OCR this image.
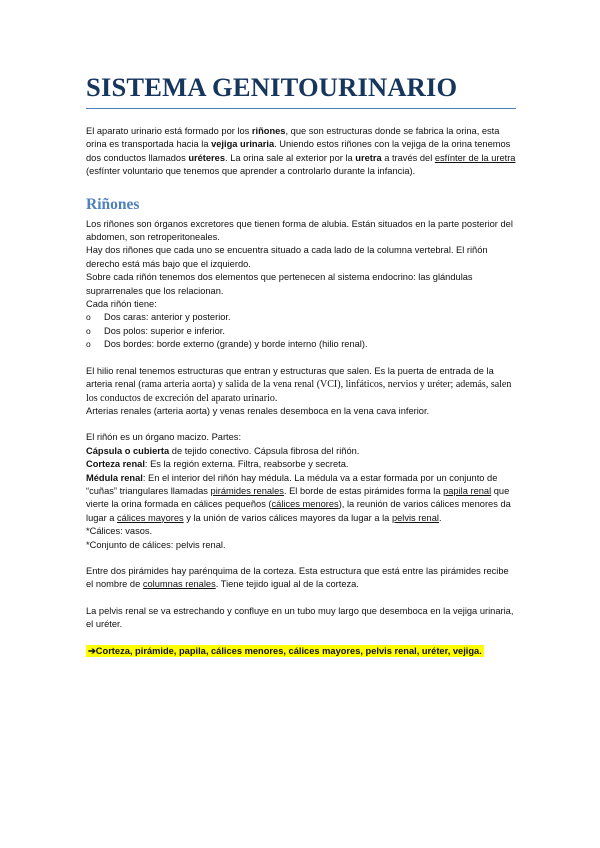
SISTEMA GENITOURINARIO

El aparato urinario está formado por los riñones, que son estructuras donde se fabrica la orina, esta orina es transportada hacia la vejiga urinaria. Uniendo estos riñones con la vejiga de la orina tenemos dos conductos llamados uréteres. La orina sale al exterior por la uretra a través del esfínter de la uretra (esfínter voluntario que tenemos que aprender a controlarlo durante la infancia).

Riñones

Los riñones son órganos excretores que tienen forma de alubia. Están situados en la parte posterior del abdomen, son retroperitoneales.

Hay dos riñones que cada uno se encuentra situado a cada lado de la columna vertebral. El riñón derecho está más bajo que el izquierdo.

Sobre cada riñón tenemos dos elementos que pertenecen al sistema endocrino: las glándulas suprarrenales que los relacionan.

Cada riñón tiene:

o Dos caras: anterior y posterior.
o Dos polos: superior e inferior.
o Dos bordes: borde externo (grande) y borde interno (hilio renal).

El hilio renal tenemos estructuras que entran y estructuras que salen. Es la puerta de entrada de la arteria renal (rama arteria aorta) y salida de la vena renal (VCI), linfáticos, nervios y uréter; además, salen los conductos de excreción del aparato urinario.

Arterias renales (arteria aorta) y venas renales desemboca en la vena cava inferior.

El riñón es un órgano macizo. Partes:

Cápsula o cubierta de tejido conectivo. Cápsula fibrosa del riñón.

Corteza renal: Es la región externa. Filtra, reabsorbe y secreta.

Médula renal: En el interior del riñón hay médula. La médula va a estar formada por un conjunto de “cuñas” triangulares llamadas pirámides renales. El borde de estas pirámides forma la papila renal que vierte la orina formada en cálices pequeños (cálices menores), la reunión de varios cálices menores da lugar a cálices mayores y la unión de varios cálices mayores da lugar a la pelvis renal.

*Cálices: vasos.

*Conjunto de cálices: pelvis renal.

Entre dos pirámides hay parénquima de la corteza. Esta estructura que está entre las pirámides recibe el nombre de columnas renales. Tiene tejido igual al de la corteza.

La pelvis renal se va estrechando y confluye en un tubo muy largo que desemboca en la vejiga urinaria, el uréter.

➔Corteza, pirámide, papila, cálices menores, cálices mayores, pelvis renal, uréter, vejiga.
